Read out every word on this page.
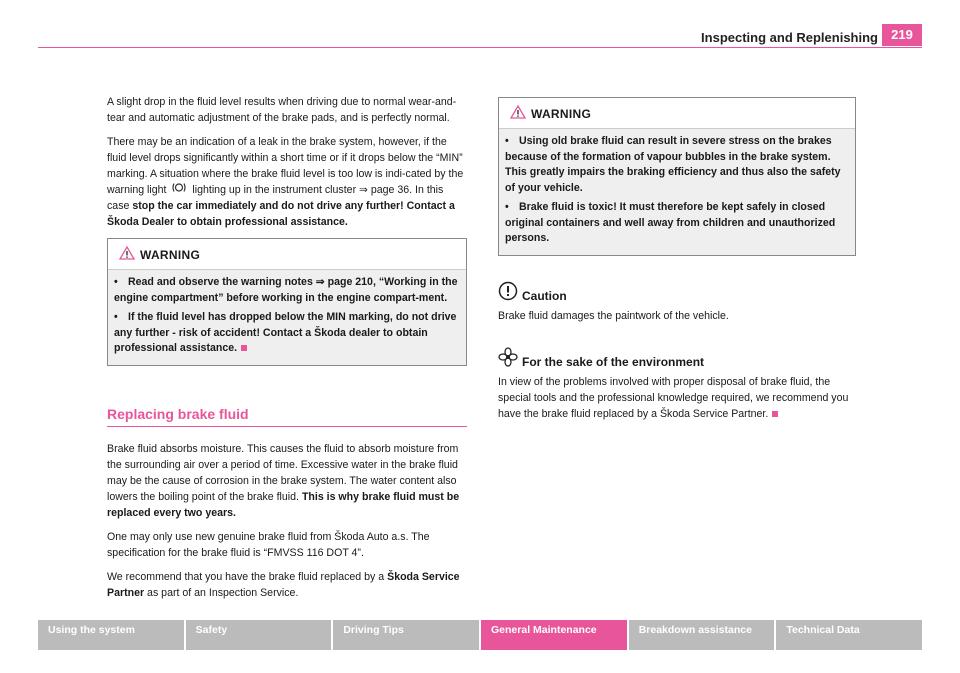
Inspecting and Replenishing	219

A slight drop in the fluid level results when driving due to normal wear-and-tear and automatic adjustment of the brake pads, and is perfectly normal.

There may be an indication of a leak in the brake system, however, if the fluid level drops significantly within a short time or if it drops below the “MIN” marking. A situation where the brake fluid level is too low is indi-cated by the warning light lighting up in the instrument cluster ⇒ page 36. In this case stop the car immediately and do not drive any further! Contact a Škoda Dealer to obtain professional assistance.

WARNING
• Read and observe the warning notes ⇒ page 210, “Working in the engine compartment” before working in the engine compart-ment.
• If the fluid level has dropped below the MIN marking, do not drive any further - risk of accident! Contact a Škoda dealer to obtain professional assistance.
Replacing brake fluid

Brake fluid absorbs moisture. This causes the fluid to absorb moisture from the surrounding air over a period of time. Excessive water in the brake fluid may be the cause of corrosion in the brake system. The water content also lowers the boiling point of the brake fluid. This is why brake fluid must be replaced every two years.

One may only use new genuine brake fluid from Škoda Auto a.s. The specification for the brake fluid is “FMVSS 116 DOT 4”.

We recommend that you have the brake fluid replaced by a Škoda Service Partner as part of an Inspection Service.

WARNING
• Using old brake fluid can result in severe stress on the brakes because of the formation of vapour bubbles in the brake system. This greatly impairs the braking efficiency and thus also the safety of your vehicle.
• Brake fluid is toxic! It must therefore be kept safely in closed original containers and well away from children and unauthorized persons.
Caution

Brake fluid damages the paintwork of the vehicle.

For the sake of the environment

In view of the problems involved with proper disposal of brake fluid, the special tools and the professional knowledge required, we recommend you have the brake fluid replaced by a Škoda Service Partner.

Using the system	Safety	Driving Tips	General Maintenance	Breakdown assistance	Technical Data
